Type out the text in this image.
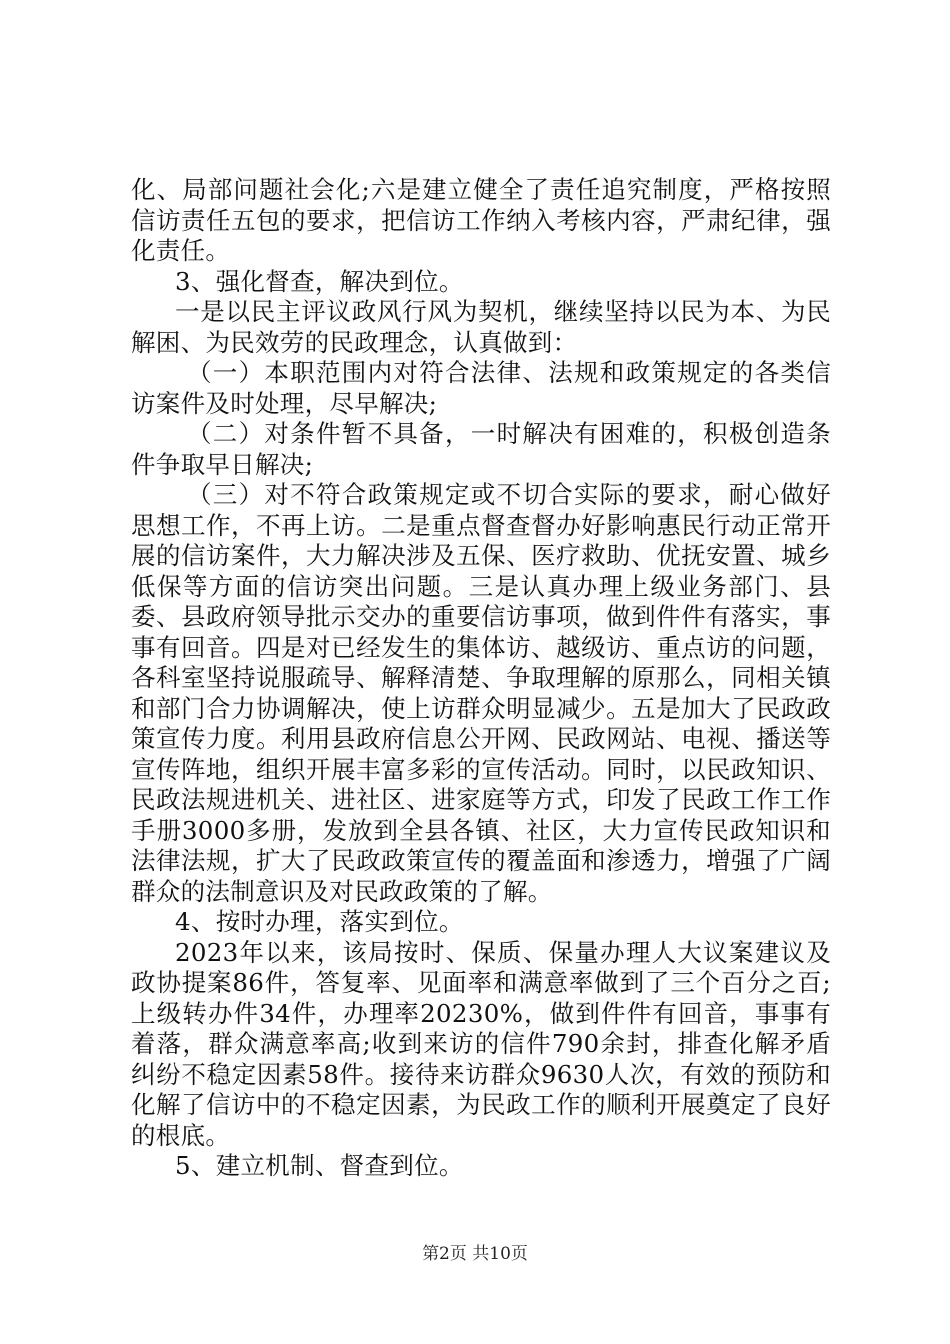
化、局部问题社会化;六是建立健全了责任追究制度，严格按照信访责任五包的要求，把信访工作纳入考核内容，严肃纪律，强化责任。

3、强化督查，解决到位。

一是以民主评议政风行风为契机，继续坚持以民为本、为民解困、为民效劳的民政理念，认真做到：

（一）本职范围内对符合法律、法规和政策规定的各类信访案件及时处理，尽早解决;

（二）对条件暂不具备，一时解决有困难的，积极创造条件争取早日解决;

（三）对不符合政策规定或不切合实际的要求，耐心做好思想工作，不再上访。二是重点督查督办好影响惠民行动正常开展的信访案件，大力解决涉及五保、医疗救助、优抚安置、城乡低保等方面的信访突出问题。三是认真办理上级业务部门、县委、县政府领导批示交办的重要信访事项，做到件件有落实，事事有回音。四是对已经发生的集体访、越级访、重点访的问题，各科室坚持说服疏导、解释清楚、争取理解的原那么，同相关镇和部门合力协调解决，使上访群众明显减少。五是加大了民政政策宣传力度。利用县政府信息公开网、民政网站、电视、播送等宣传阵地，组织开展丰富多彩的宣传活动。同时，以民政知识、民政法规进机关、进社区、进家庭等方式，印发了民政工作工作手册3000多册，发放到全县各镇、社区，大力宣传民政知识和法律法规，扩大了民政政策宣传的覆盖面和渗透力，增强了广阔群众的法制意识及对民政政策的了解。

4、按时办理，落实到位。

2023年以来，该局按时、保质、保量办理人大议案建议及政协提案86件，答复率、见面率和满意率做到了三个百分之百;上级转办件34件，办理率20230%，做到件件有回音，事事有着落，群众满意率高;收到来访的信件790余封，排查化解矛盾纠纷不稳定因素58件。接待来访群众9630人次，有效的预防和化解了信访中的不稳定因素，为民政工作的顺利开展奠定了良好的根底。

5、建立机制、督查到位。

第2页 共10页
